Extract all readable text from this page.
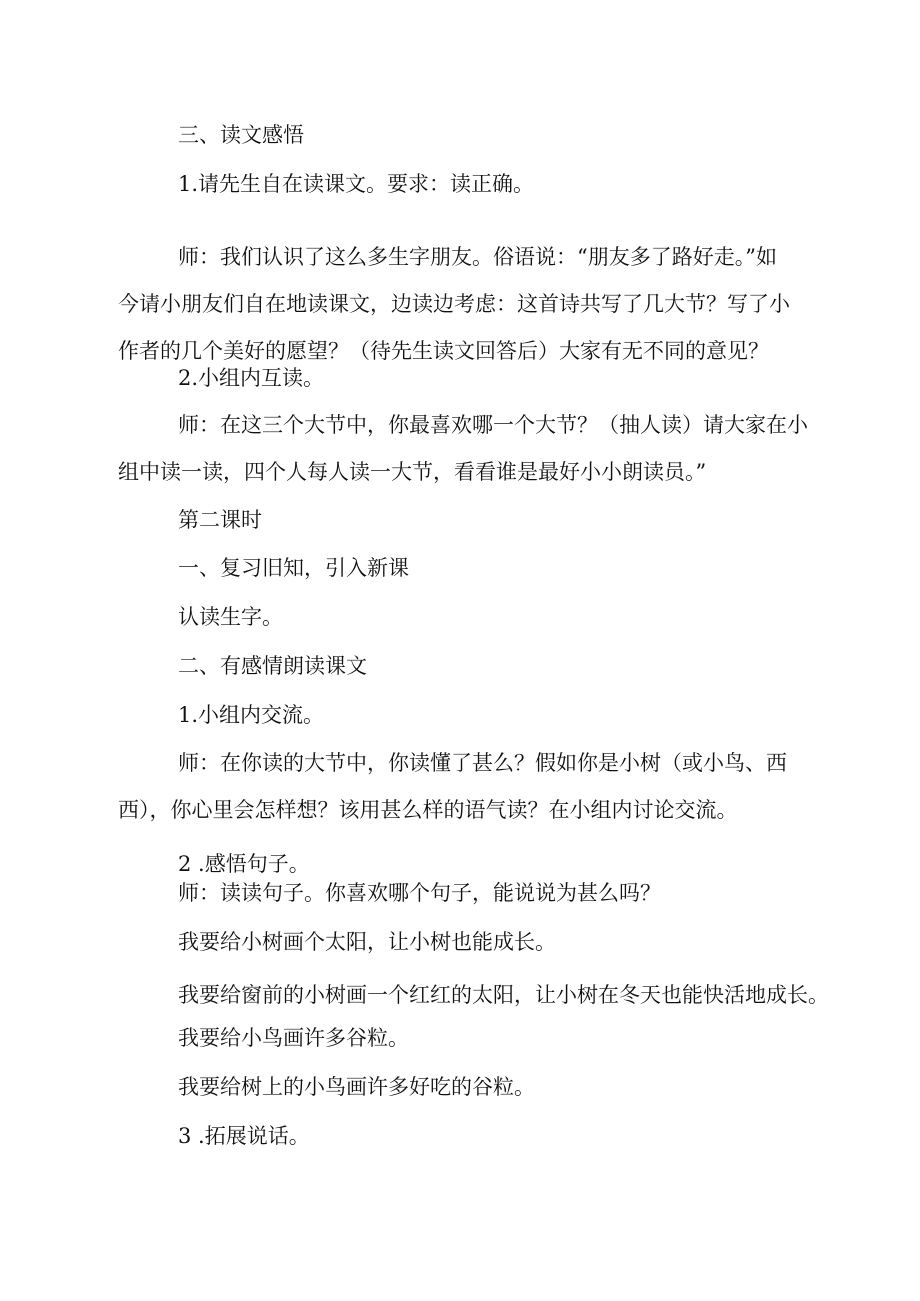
三、读文感悟

1.请先生自在读课文。要求：读正确。

师：我们认识了这么多生字朋友。俗语说：“朋友多了路好走。”如
今请小朋友们自在地读课文，边读边考虑：这首诗共写了几大节？写了小
作者的几个美好的愿望？（待先生读文回答后）大家有无不同的意见？

2.小组内互读。

师：在这三个大节中，你最喜欢哪一个大节？（抽人读）请大家在小
组中读一读，四个人每人读一大节，看看谁是最好小小朗读员。”

第二课时

一、复习旧知，引入新课

认读生字。

二、有感情朗读课文

1.小组内交流。

师：在你读的大节中，你读懂了甚么？假如你是小树（或小鸟、西
西），你心里会怎样想？该用甚么样的语气读？在小组内讨论交流。

2 .感悟句子。

师：读读句子。你喜欢哪个句子，能说说为甚么吗？

我要给小树画个太阳，让小树也能成长。

我要给窗前的小树画一个红红的太阳，让小树在冬天也能快活地成长。

我要给小鸟画许多谷粒。

我要给树上的小鸟画许多好吃的谷粒。

3 .拓展说话。
